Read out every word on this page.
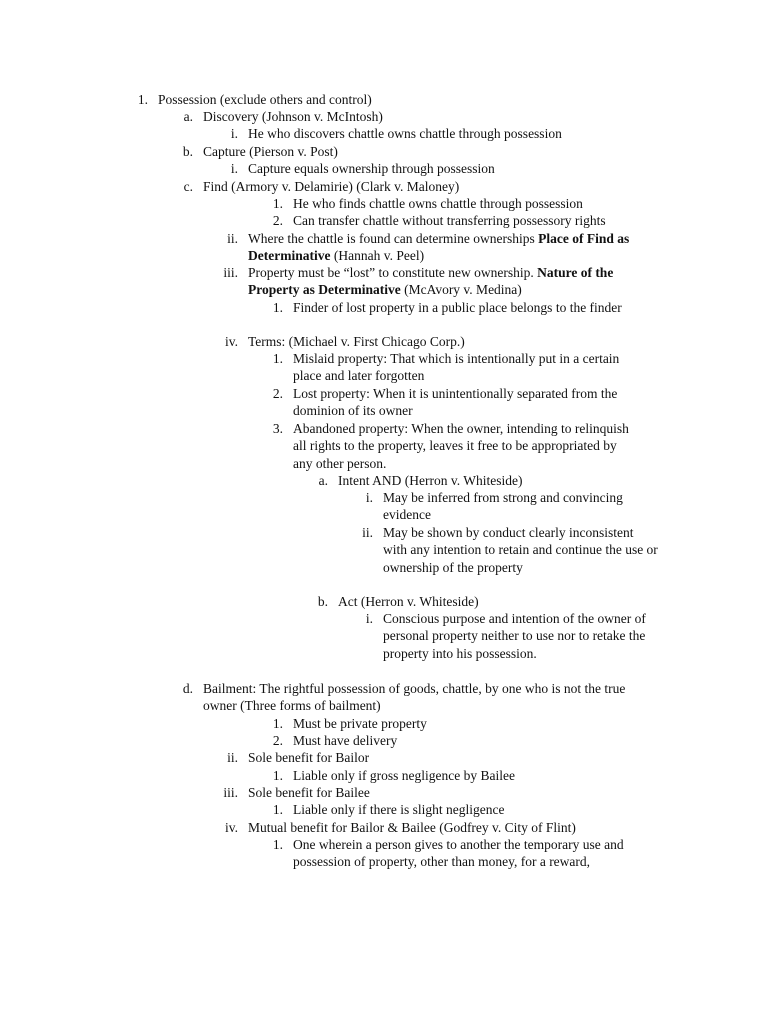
1. Possession (exclude others and control)
a. Discovery (Johnson v. McIntosh)
i. He who discovers chattle owns chattle through possession
b. Capture (Pierson v. Post)
i. Capture equals ownership through possession
c. Find (Armory v. Delamirie) (Clark v. Maloney)
1. He who finds chattle owns chattle through possession
2. Can transfer chattle without transferring possessory rights
ii. Where the chattle is found can determine ownerships Place of Find as Determinative (Hannah v. Peel)
iii. Property must be “lost” to constitute new ownership. Nature of the Property as Determinative (McAvory v. Medina)
1. Finder of lost property in a public place belongs to the finder
iv. Terms: (Michael v. First Chicago Corp.)
1. Mislaid property: That which is intentionally put in a certain place and later forgotten
2. Lost property: When it is unintentionally separated from the dominion of its owner
3. Abandoned property: When the owner, intending to relinquish all rights to the property, leaves it free to be appropriated by any other person.
a. Intent AND (Herron v. Whiteside)
i. May be inferred from strong and convincing evidence
ii. May be shown by conduct clearly inconsistent with any intention to retain and continue the use or ownership of the property
b. Act (Herron v. Whiteside)
i. Conscious purpose and intention of the owner of personal property neither to use nor to retake the property into his possession.
d. Bailment: The rightful possession of goods, chattle, by one who is not the true owner (Three forms of bailment)
1. Must be private property
2. Must have delivery
ii. Sole benefit for Bailor
1. Liable only if gross negligence by Bailee
iii. Sole benefit for Bailee
1. Liable only if there is slight negligence
iv. Mutual benefit for Bailor & Bailee (Godfrey v. City of Flint)
1. One wherein a person gives to another the temporary use and possession of property, other than money, for a reward,
